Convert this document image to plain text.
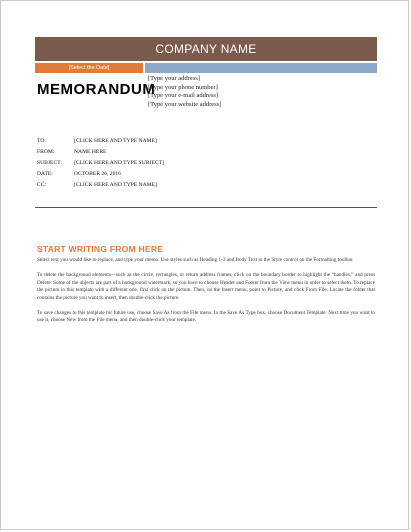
COMPANY NAME
[Select the Date]
MEMORANDUM
[Type your address]
[Type your phone number]
[Type your e-mail address]
[Type your website address]
TO:	[CLICK HERE AND TYPE NAME]
FROM:	NAME HERE
SUBJECT:	[CLICK HERE AND TYPE SUBJECT]
DATE:	OCTOBER 26, 2016
CC:	[CLICK HERE AND TYPE NAME]
START WRITING FROM HERE

Select text you would like to replace, and type your memo. Use styles such as Heading 1-3 and Body Text in the Style control on the Formatting toolbar.

To delete the background elements—such as the circle, rectangles, or return address frames, click on the boundary border to highlight the “handles,” and press Delete. Some of the objects are part of a background watermark, so you have to choose Header and Footer from the View menu in order to select them. To replace the picture in this template with a different one, first click on the picture. Then, on the Insert menu, point to Picture, and click From File. Locate the folder that contains the picture you want to insert, then double-click the picture.

To save changes to this template for future use, choose Save As from the File menu. In the Save As Type box, choose Document Template. Next time you want to use it, choose New from the File menu, and then double-click your template.
